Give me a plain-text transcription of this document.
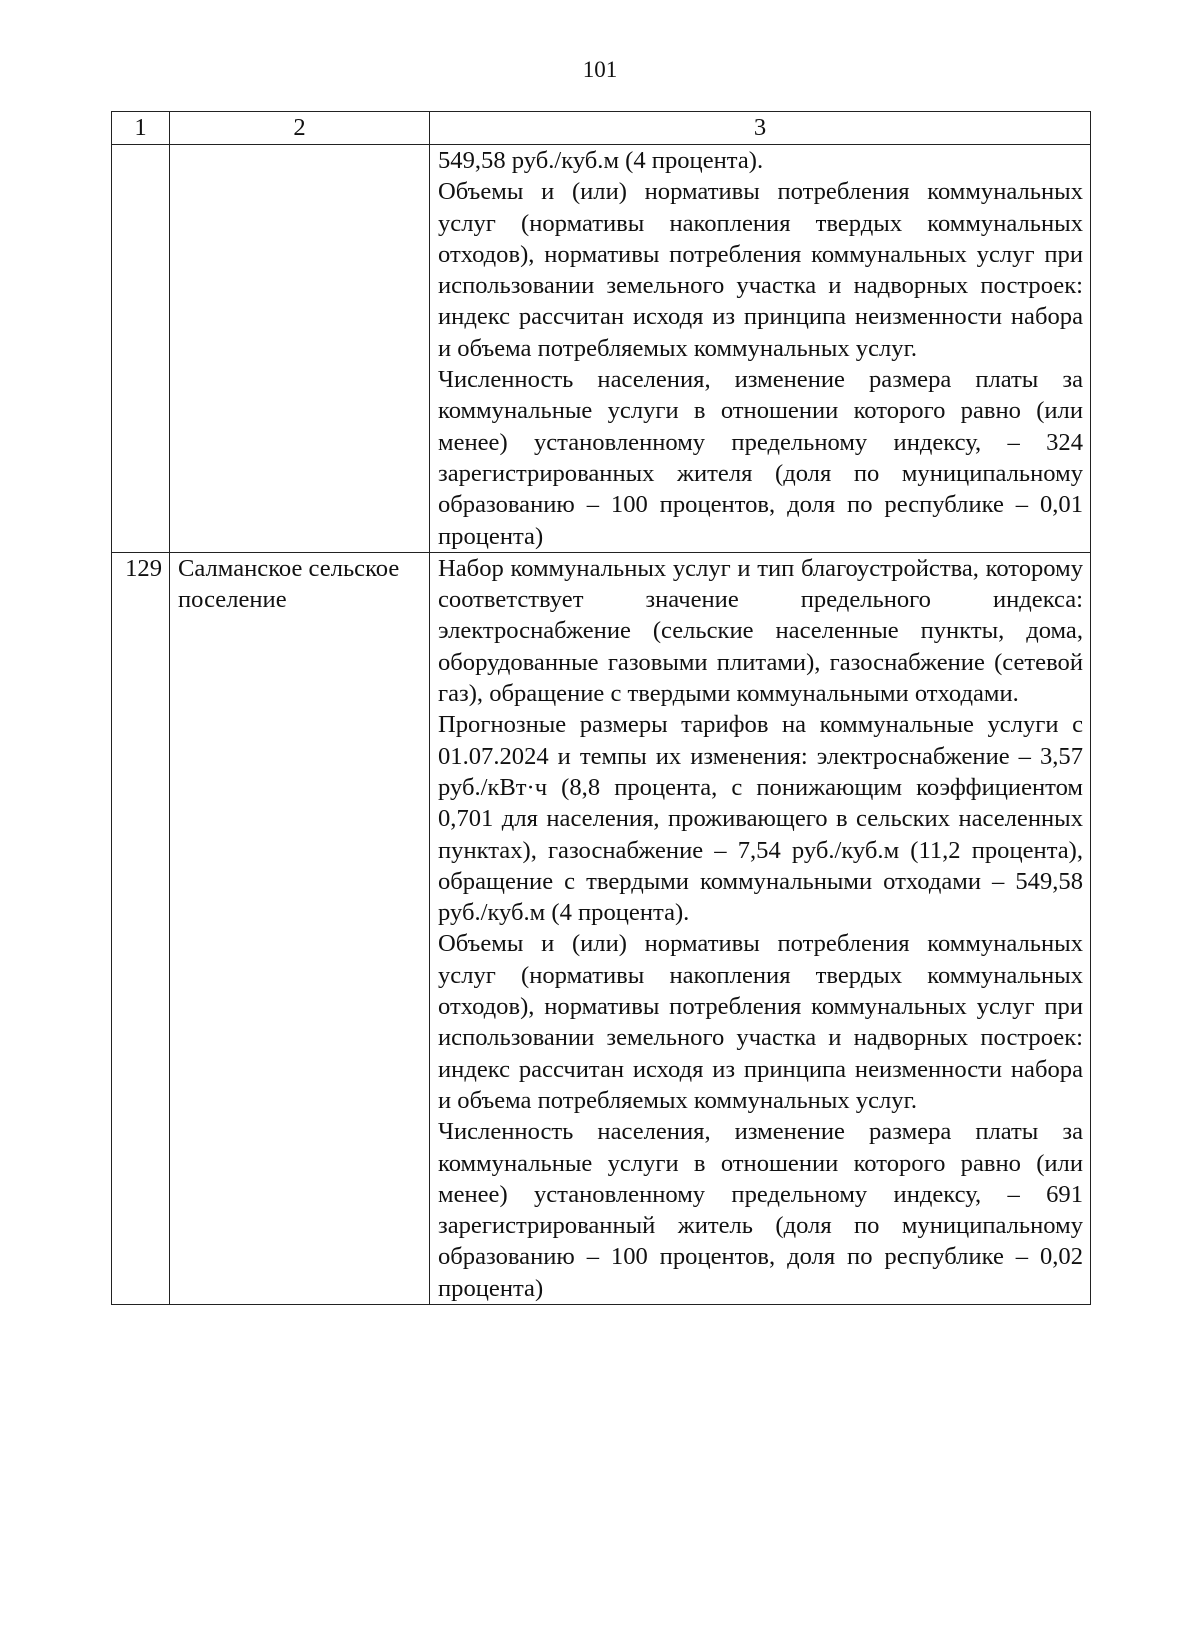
101
1	2	3

		549,58 руб./куб.м (4 процента).

Объемы и (или) нормативы потребления коммунальных услуг (нормативы накопления твердых коммунальных отходов), нормативы потребления коммунальных услуг при использовании земельного участка и надворных построек: индекс рассчитан исходя из принципа неизменности набора и объема потребляемых коммунальных услуг.

Численность населения, изменение размера платы за коммунальные услуги в отношении которого равно (или менее) установленному предельному индексу, – 324 зарегистрированных жителя (доля по муниципальному образованию – 100 процентов, доля по республике – 0,01 процента)

129	Салманское сельское поселение	Набор коммунальных услуг и тип благоустройства, которому соответствует значение предельного индекса: электроснабжение (сельские населенные пункты, дома, оборудованные газовыми плитами), газоснабжение (сетевой газ), обращение с твердыми коммунальными отходами.

Прогнозные размеры тарифов на коммунальные услуги с 01.07.2024 и темпы их изменения: электроснабжение – 3,57 руб./кВт·ч (8,8 процента, с понижающим коэффициентом 0,701 для населения, проживающего в сельских населенных пунктах), газоснабжение – 7,54 руб./куб.м (11,2 процента), обращение с твердыми коммунальными отходами – 549,58 руб./куб.м (4 процента).

Объемы и (или) нормативы потребления коммунальных услуг (нормативы накопления твердых коммунальных отходов), нормативы потребления коммунальных услуг при использовании земельного участка и надворных построек: индекс рассчитан исходя из принципа неизменности набора и объема потребляемых коммунальных услуг.

Численность населения, изменение размера платы за коммунальные услуги в отношении которого равно (или менее) установленному предельному индексу, – 691 зарегистрированный житель (доля по муниципальному образованию – 100 процентов, доля по республике – 0,02 процента)
